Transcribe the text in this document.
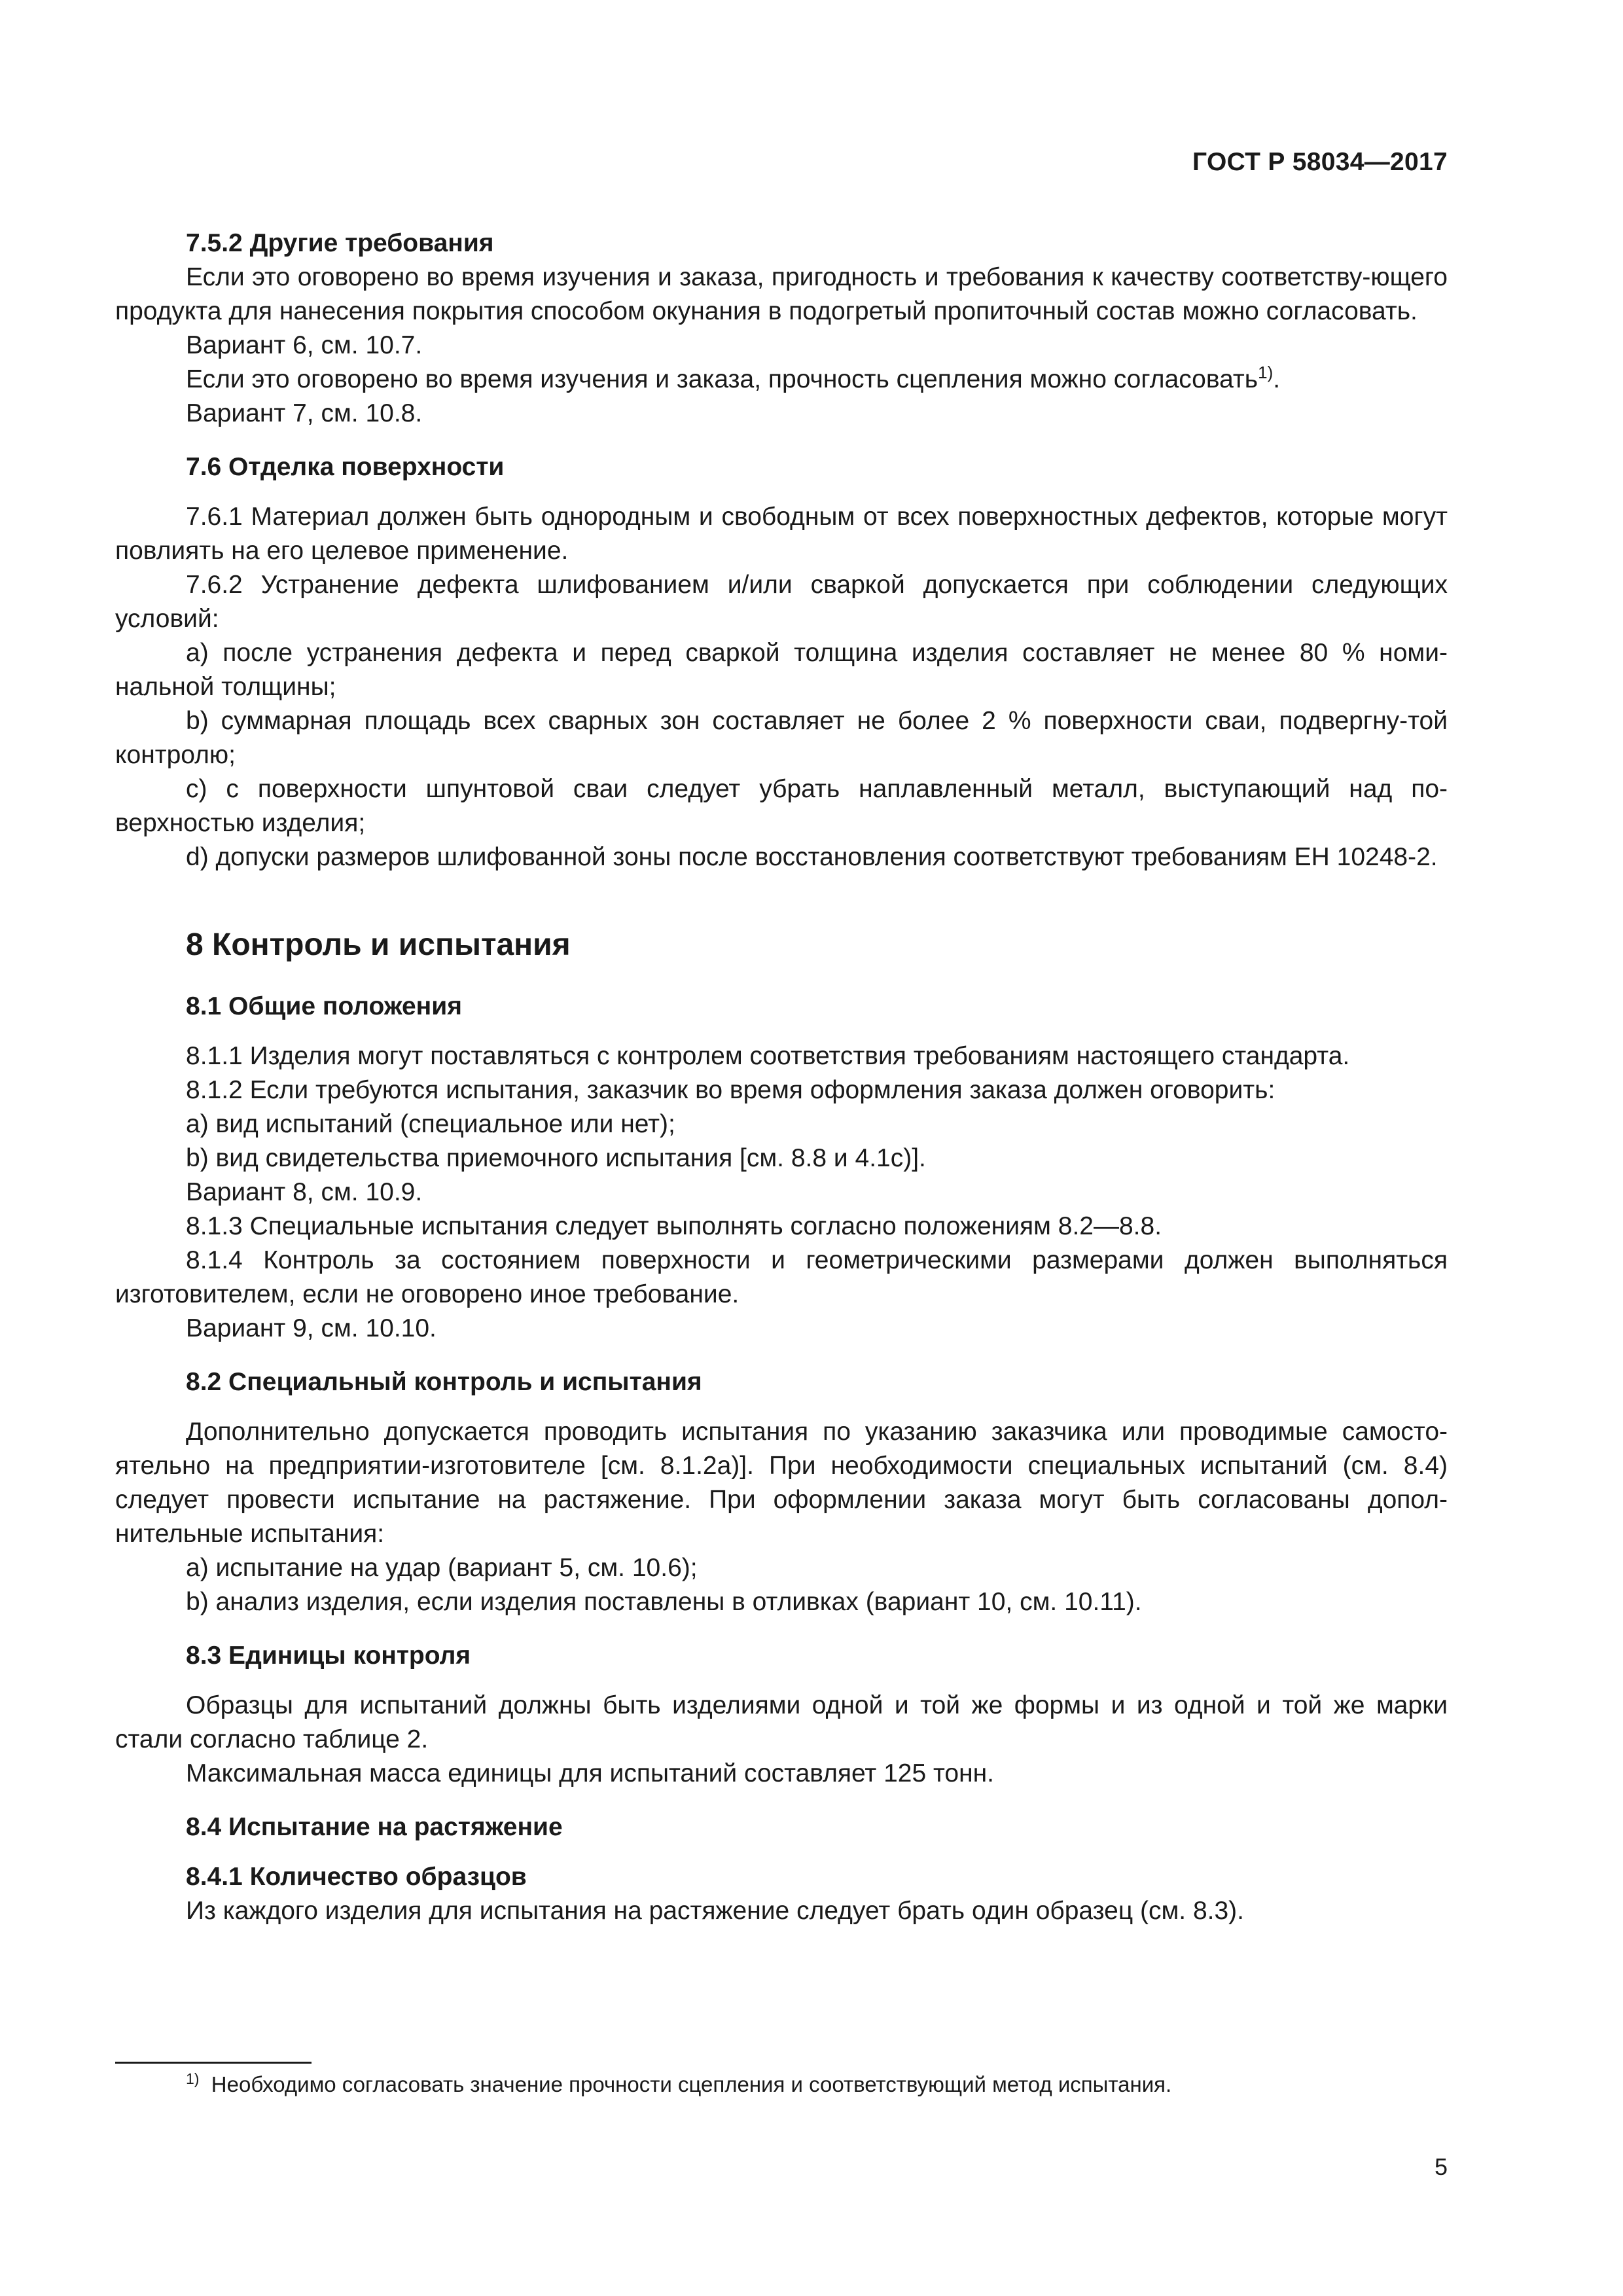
ГОСТ Р 58034—2017
7.5.2 Другие требования

Если это оговорено во время изучения и заказа, пригодность и требования к качеству соответству-ющего продукта для нанесения покрытия способом окунания в подогретый пропиточный состав можно согласовать.

Вариант 6, см. 10.7.

Если это оговорено во время изучения и заказа, прочность сцепления можно согласовать$^{1)}$.

Вариант 7, см. 10.8.

7.6 Отделка поверхности

7.6.1 Материал должен быть однородным и свободным от всех поверхностных дефектов, которые могут повлиять на его целевое применение.

7.6.2 Устранение дефекта шлифованием и/или сваркой допускается при соблюдении следующих условий:

a) после устранения дефекта и перед сваркой толщина изделия составляет не менее 80 % номи-нальной толщины;

b) суммарная площадь всех сварных зон составляет не более 2 % поверхности сваи, подвергну-той контролю;

c) с поверхности шпунтовой сваи следует убрать наплавленный металл, выступающий над по-верхностью изделия;

d) допуски размеров шлифованной зоны после восстановления соответствуют требованиям ЕН 10248-2.

8 Контроль и испытания
8.1 Общие положения

8.1.1 Изделия могут поставляться с контролем соответствия требованиям настоящего стандарта.

8.1.2 Если требуются испытания, заказчик во время оформления заказа должен оговорить:

a) вид испытаний (специальное или нет);

b) вид свидетельства приемочного испытания [см. 8.8 и 4.1c)].

Вариант 8, см. 10.9.

8.1.3 Специальные испытания следует выполнять согласно положениям 8.2—8.8.

8.1.4 Контроль за состоянием поверхности и геометрическими размерами должен выполняться изготовителем, если не оговорено иное требование.

Вариант 9, см. 10.10.

8.2 Специальный контроль и испытания

Дополнительно допускается проводить испытания по указанию заказчика или проводимые самосто-ятельно на предприятии-изготовителе [см. 8.1.2a)]. При необходимости специальных испытаний (см. 8.4) следует провести испытание на растяжение. При оформлении заказа могут быть согласованы допол-нительные испытания:

a) испытание на удар (вариант 5, см. 10.6);

b) анализ изделия, если изделия поставлены в отливках (вариант 10, см. 10.11).

8.3 Единицы контроля

Образцы для испытаний должны быть изделиями одной и той же формы и из одной и той же марки стали согласно таблице 2.

Максимальная масса единицы для испытаний составляет 125 тонн.

8.4 Испытание на растяжение
8.4.1 Количество образцов

Из каждого изделия для испытания на растяжение следует брать один образец (см. 8.3).

$^{1)}$ Необходимо согласовать значение прочности сцепления и соответствующий метод испытания.
5
